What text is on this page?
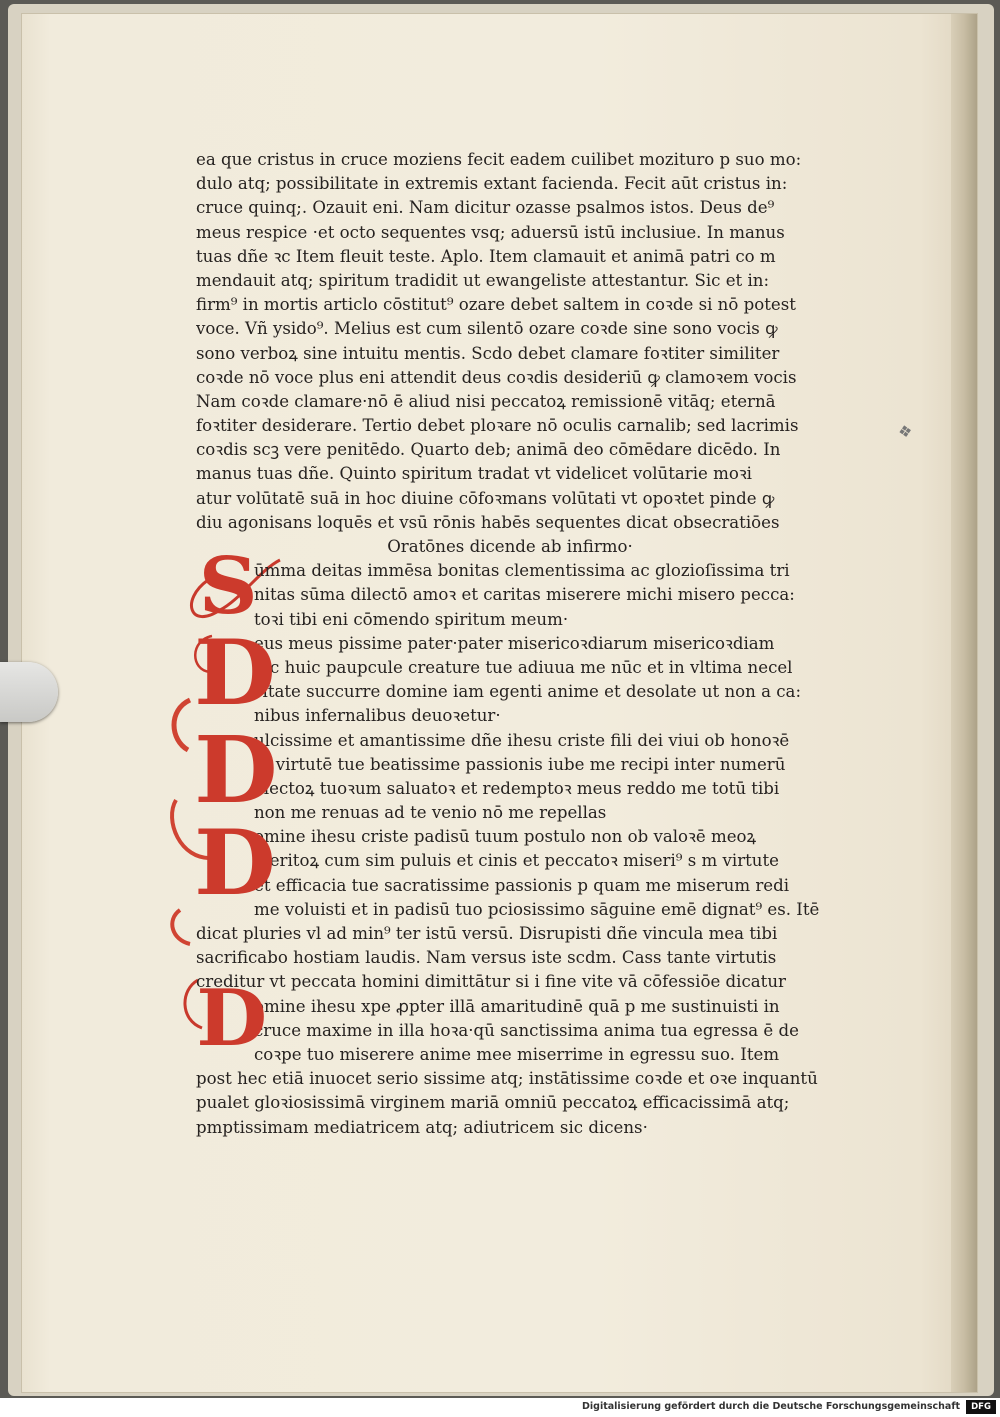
❖
ea que cristus in cruce moziens fecit eadem cuilibet mozituro p suo mo:
dulo atq; possibilitate in extremis extant facienda. Fecit aūt cristus in:
cruce quinq;. Ozauit eni. Nam dicitur ozasse psalmos istos. Deus de⁹
meus respice ·et octo sequentes vsq; aduersū istū inclusiue. In manus
tuas dñe ꝛc Item fleuit teste. Aplo. Item clamauit et animā patri co m
mendauit atq; spiritum tradidit ut ewangeliste attestantur. Sic et in:
firm⁹ in mortis articlo cōstitut⁹ ozare debet saltem in coꝛde si nō potest
voce. Vñ ysido⁹. Melius est cum silentō ozare coꝛde sine sono vocis ꝙ
sono verboꝝ sine intuitu mentis. Scdo debet clamare foꝛtiter similiter
coꝛde nō voce plus eni attendit deus coꝛdis desideriū ꝙ clamoꝛem vocis
Nam coꝛde clamare·nō ē aliud nisi peccatoꝝ remissionē vitāq; eternā
foꝛtiter desiderare. Tertio debet ploꝛare nō oculis carnalib; sed lacrimis
coꝛdis scꝫ vere penitēdo. Quarto deb; animā deo cōmēdare dicēdo. In
manus tuas dñe. Quinto spiritum tradat vt videlicet volūtarie moꝛi
atur volūtatē suā in hoc diuine cōfoꝛmans volūtati vt opoꝛtet pinde ꝙ
diu agonisans loquēs et vsū rōnis habēs sequentes dicat obsecratiōes
Oratōnes dicende ab infirmo·
ūmma deitas immēsa bonitas clementissima ac glozioſissima tri
nitas sūma dilectō amoꝛ et caritas miserere michi misero pecca:
toꝛi tibi eni cōmendo spiritum meum·
eus meus pissime pater·pater misericoꝛdiarum misericoꝛdiam
fac huic paupcule creature tue adiuua me nūc et in vltima necel
sitate succurre domine iam egenti anime et desolate ut non a ca:
nibus infernalibus deuoꝛetur·
ulcissime et amantissime dñe ihesu criste fili dei viui ob honoꝛē
et virtutē tue beatissime passionis iube me recipi inter numerū
electoꝝ tuoꝛum saluatoꝛ et redemptoꝛ meus reddo me totū tibi
non me renuas ad te venio nō me repellas
omine ihesu criste padisū tuum postulo non ob valoꝛē meoꝝ
meritoꝝ cum sim puluis et cinis et peccatoꝛ miseri⁹ s m virtute
et efficacia tue sacratissime passionis p quam me miserum redi
me voluisti et in padisū tuo pciosissimo sāguine emē dignat⁹ es. Itē
dicat pluries vl ad min⁹ ter istū versū. Disrupisti dñe vincula mea tibi
sacrificabo hostiam laudis. Nam versus iste scdm. Cass tante virtutis
creditur vt peccata homini dimittātur si i fine vite vā cōfessiōe dicatur
omine ihesu xpe ꝓpter illā amaritudinē quā p me sustinuisti in
cruce maxime in illa hoꝛa·qū sanctissima anima tua egressa ē de
coꝛpe tuo miserere anime mee miserrime in egressu suo. Item
post hec etiā inuocet serio sissime atq; instātissime coꝛde et oꝛe inquantū
pualet gloꝛiosissimā virginem mariā omniū peccatoꝝ efficacissimā atq;
pmptissimam mediatricem atq; adiutricem sic dicens·
S
D
D
D
D
Digitalisierung gefördert durch die Deutsche Forschungsgemeinschaft	DFG
